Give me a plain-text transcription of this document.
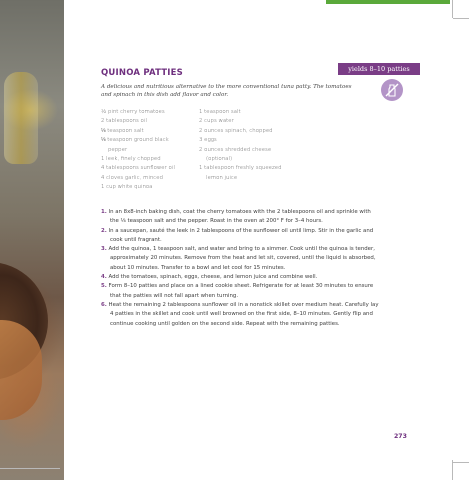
yields 8–10 patties
QUINOA PATTIES

A delicious and nutritious alternative to the more conventional tuna patty. The tomatoes and spinach in this dish add flavor and color.

½ pint cherry tomatoes
2 tablespoons oil
⅛ teaspoon salt
⅛ teaspoon ground black
pepper
1 leek, finely chopped
4 tablespoons sunflower oil
4 cloves garlic, minced
1 cup white quinoa
1 teaspoon salt
2 cups water
2 ounces spinach, chopped
3 eggs
2 ounces shredded cheese
(optional)
1 tablespoon freshly squeezed
lemon juice
1. In an 8x8-inch baking dish, coat the cherry tomatoes with the 2 tablespoons oil and sprinkle with
the ⅛ teaspoon salt and the pepper. Roast in the oven at 200° F for 3–4 hours.
2. In a saucepan, sauté the leek in 2 tablespoons of the sunflower oil until limp. Stir in the garlic and
cook until fragrant.
3. Add the quinoa, 1 teaspoon salt, and water and bring to a simmer. Cook until the quinoa is tender,
approximately 20 minutes. Remove from the heat and let sit, covered, until the liquid is absorbed,
about 10 minutes. Transfer to a bowl and let cool for 15 minutes.
4. Add the tomatoes, spinach, eggs, cheese, and lemon juice and combine well.
5. Form 8–10 patties and place on a lined cookie sheet. Refrigerate for at least 30 minutes to ensure
that the patties will not fall apart when turning.
6. Heat the remaining 2 tablespoons sunflower oil in a nonstick skillet over medium heat. Carefully lay
4 patties in the skillet and cook until well browned on the first side, 8–10 minutes. Gently flip and
continue cooking until golden on the second side. Repeat with the remaining patties.
273
